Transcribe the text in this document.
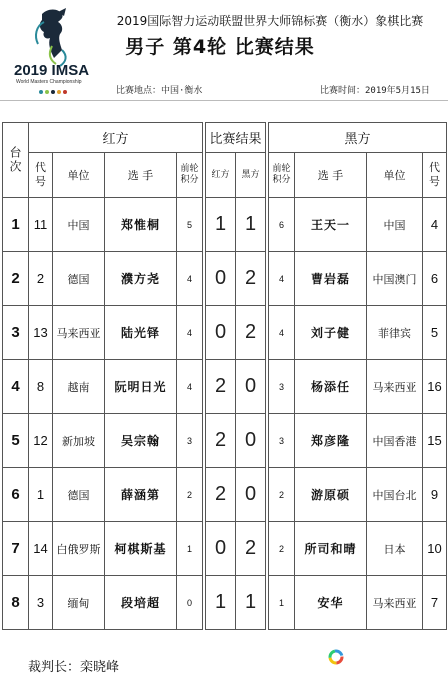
2019 IMSA
World Masters Championship
2019国际智力运动联盟世界大师锦标赛（衡水）象棋比赛
男子 第4轮 比赛结果
比赛地点：中国·衡水	比赛时间：2019年5月15日
台次	红方					比赛结果			黑方			
	代号	单位	选 手	前轮积分		红方	黑方		前轮积分	选 手	单位	代号
1	11	中国	郑惟桐	5		1	1		6	王天一	中国	4
2	2	德国	濮方尧	4		0	2		4	曹岩磊	中国澳门	6
3	13	马来西亚	陆光铎	4		0	2		4	刘子健	菲律宾	5
4	8	越南	阮明日光	4		2	0		3	杨添任	马来西亚	16
5	12	新加坡	吴宗翰	3		2	0		3	郑彦隆	中国香港	15
6	1	德国	薛涵第	2		2	0		2	游原硕	中国台北	9
7	14	白俄罗斯	柯棋斯基	1		0	2		2	所司和晴	日本	10
8	3	缅甸	段培超	0		1	1		1	安华	马来西亚	7
裁判长：栾晓峰
